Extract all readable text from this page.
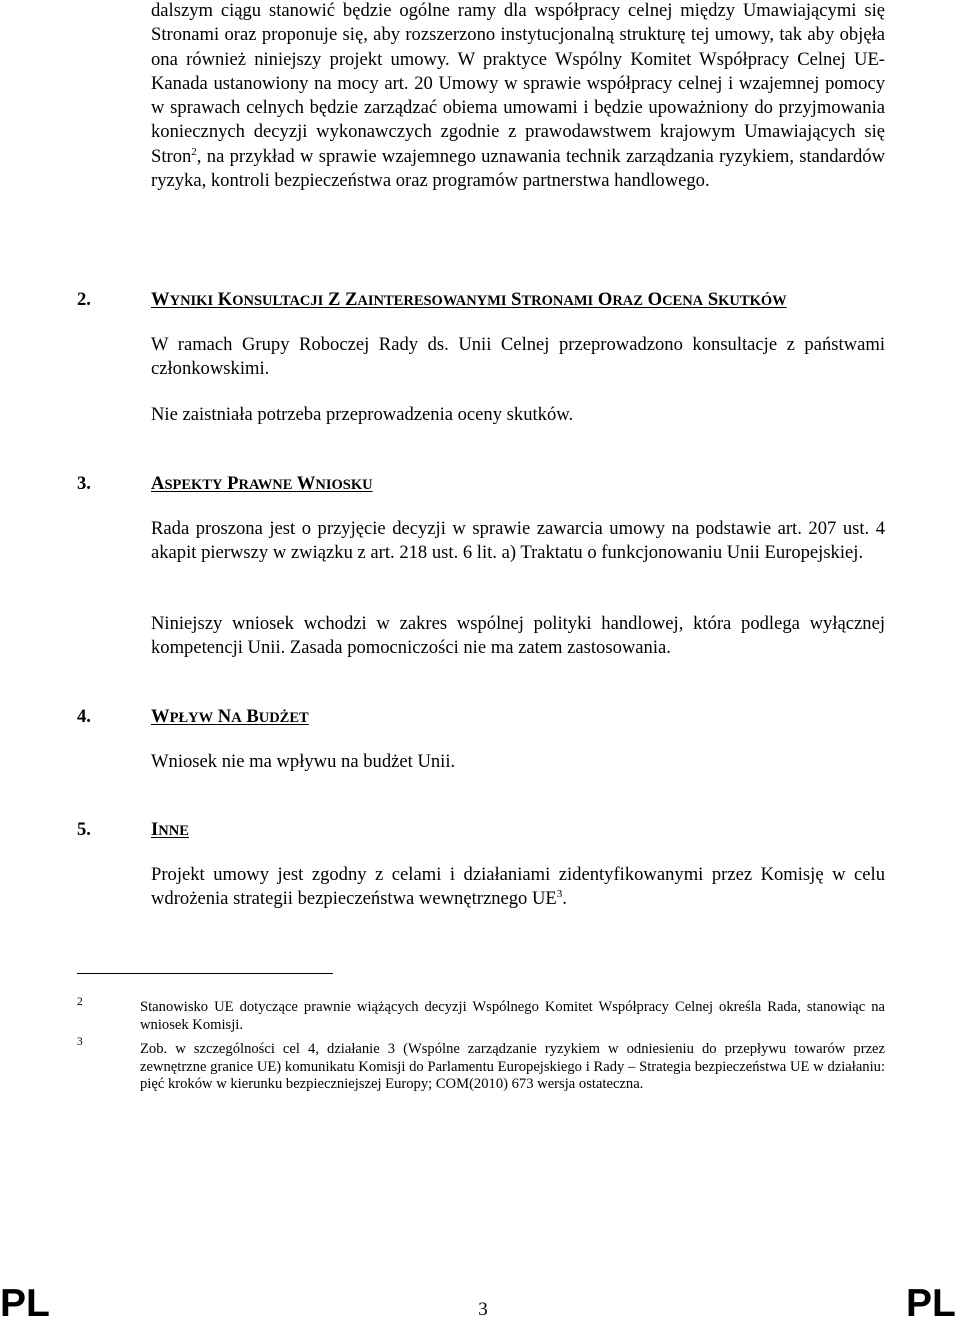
dalszym ciągu stanowić będzie ogólne ramy dla współpracy celnej między Umawiającymi się Stronami oraz proponuje się, aby rozszerzono instytucjonalną strukturę tej umowy, tak aby objęła ona również niniejszy projekt umowy. W praktyce Wspólny Komitet Współpracy Celnej UE-Kanada ustanowiony na mocy art. 20 Umowy w sprawie współpracy celnej i wzajemnej pomocy w sprawach celnych będzie zarządzać obiema umowami i będzie upoważniony do przyjmowania koniecznych decyzji wykonawczych zgodnie z prawodawstwem krajowym Umawiających się Stron$^2$, na przykład w sprawie wzajemnego uznawania technik zarządzania ryzykiem, standardów ryzyka, kontroli bezpieczeństwa oraz programów partnerstwa handlowego.

2.	WYNIKI KONSULTACJI Z ZAINTERESOWANYMI STRONAMI ORAZ OCENA SKUTKÓW

W ramach Grupy Roboczej Rady ds. Unii Celnej przeprowadzono konsultacje z państwami członkowskimi.

Nie zaistniała potrzeba przeprowadzenia oceny skutków.

3.	ASPEKTY PRAWNE WNIOSKU

Rada proszona jest o przyjęcie decyzji w sprawie zawarcia umowy na podstawie art. 207 ust. 4 akapit pierwszy w związku z art. 218 ust. 6 lit. a) Traktatu o funkcjonowaniu Unii Europejskiej.

Niniejszy wniosek wchodzi w zakres wspólnej polityki handlowej, która podlega wyłącznej kompetencji Unii. Zasada pomocniczości nie ma zatem zastosowania.

4.	WPŁYW NA BUDŻET

Wniosek nie ma wpływu na budżet Unii.

5.	INNE

Projekt umowy jest zgodny z celami i działaniami zidentyfikowanymi przez Komisję w celu wdrożenia strategii bezpieczeństwa wewnętrznego $UE^3$.

2	Stanowisko UE dotyczące prawnie wiążących decyzji Wspólnego Komitet Współpracy Celnej określa Rada, stanowiąc na wniosek Komisji.

3	Zob. w szczególności cel 4, działanie 3 (Wspólne zarządzanie ryzykiem w odniesieniu do przepływu towarów przez zewnętrzne granice UE) komunikatu Komisji do Parlamentu Europejskiego i Rady – Strategia bezpieczeństwa UE w działaniu: pięć kroków w kierunku bezpieczniejszej Europy; COM(2010) 673 wersja ostateczna.

PL	3	PL
